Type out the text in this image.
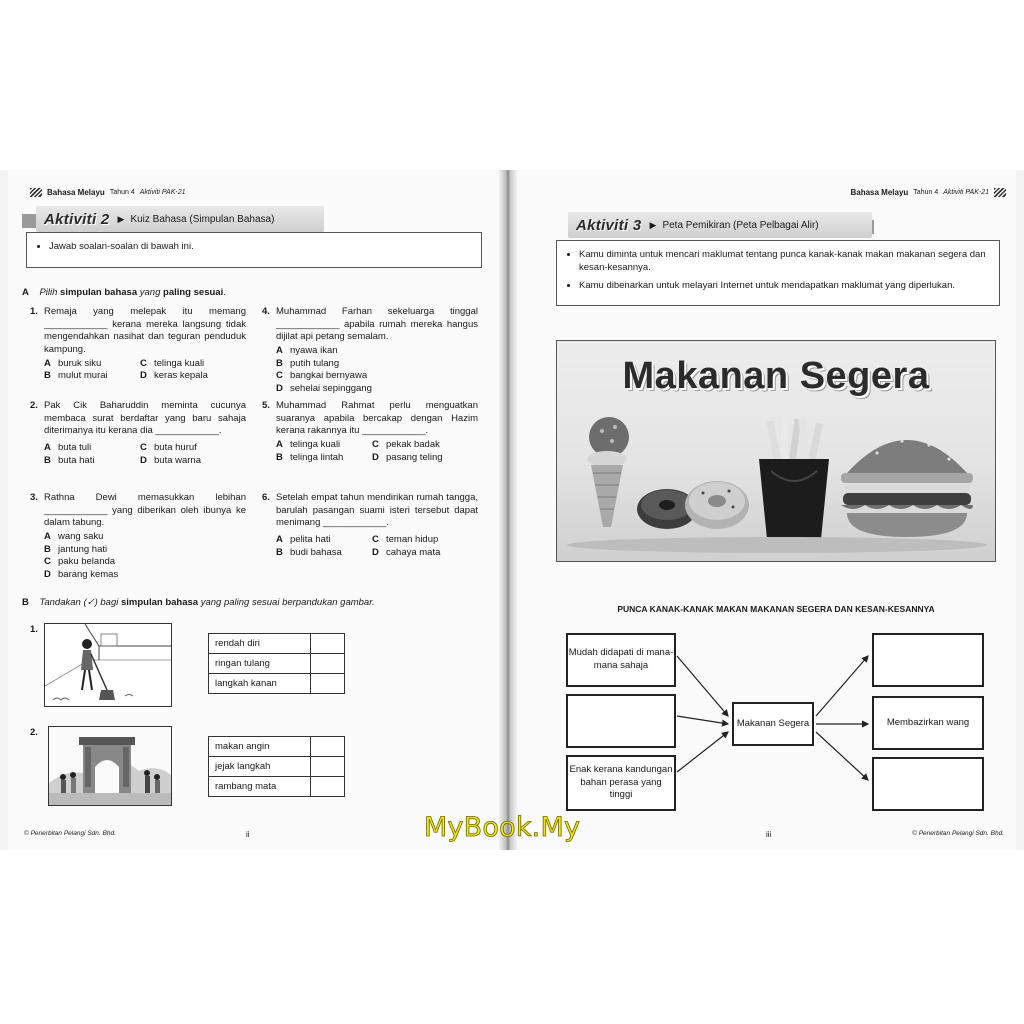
Bahasa Melayu Tahun 4 Aktiviti PAK-21
Aktiviti 2 ▶ Kuiz Bahasa (Simpulan Bahasa)
• Jawab soalan-soalan di bawah ini.
A Pilih simpulan bahasa yang paling sesuai.
1. Remaja yang melepak itu memang ____________ kerana mereka langsung tidak mengendahkan nasihat dan teguran penduduk kampung.
A buruk siku	C telinga kuali
B mulut murai	D keras kepala
2. Pak Cik Baharuddin meminta cucunya membaca surat berdaftar yang baru sahaja diterimanya itu kerana dia ____________.
A buta tuli	C buta huruf
B buta hati	D buta warna
3. Rathna Dewi memasukkan lebihan ____________ yang diberikan oleh ibunya ke dalam tabung.
A wang saku
B jantung hati
C paku belanda
D barang kemas
4. Muhammad Farhan sekeluarga tinggal ____________ apabila rumah mereka hangus dijilat api petang semalam.
A nyawa ikan
B putih tulang
C bangkai bernyawa
D sehelai sepinggang
5. Muhammad Rahmat perlu menguatkan suaranya apabila bercakap dengan Hazim kerana rakannya itu ____________.
A telinga kuali	C pekak badak
B telinga lintah	D pasang teling
6. Setelah empat tahun mendirikan rumah tangga, barulah pasangan suami isteri tersebut dapat menimang ____________.
A pelita hati	C teman hidup
B budi bahasa	D cahaya mata
B Tandakan (✓) bagi simpulan bahasa yang paling sesuai berpandukan gambar.
1.
rendah diri	
ringan tulang	
langkah kanan	
2.
makan angin	
jejak langkah	
rambang mata	
© Penerbitan Pelangi Sdn. Bhd.	ii
Bahasa Melayu Tahun 4 Aktiviti PAK-21
Aktiviti 3 ▶ Peta Pemikiran (Peta Pelbagai Alir)
• Kamu diminta untuk mencari maklumat tentang punca kanak-kanak makan makanan segera dan kesan-kesannya.
• Kamu dibenarkan untuk melayari Internet untuk mendapatkan maklumat yang diperlukan.
Makanan Segera
PUNCA KANAK-KANAK MAKAN MAKANAN SEGERA DAN KESAN-KESANNYA
Mudah didapati di mana-mana sahaja
Enak kerana kandungan bahan perasa yang tinggi
Makanan Segera	Membazirkan wang
iii	© Penerbitan Pelangi Sdn. Bhd.
MyBook.My
